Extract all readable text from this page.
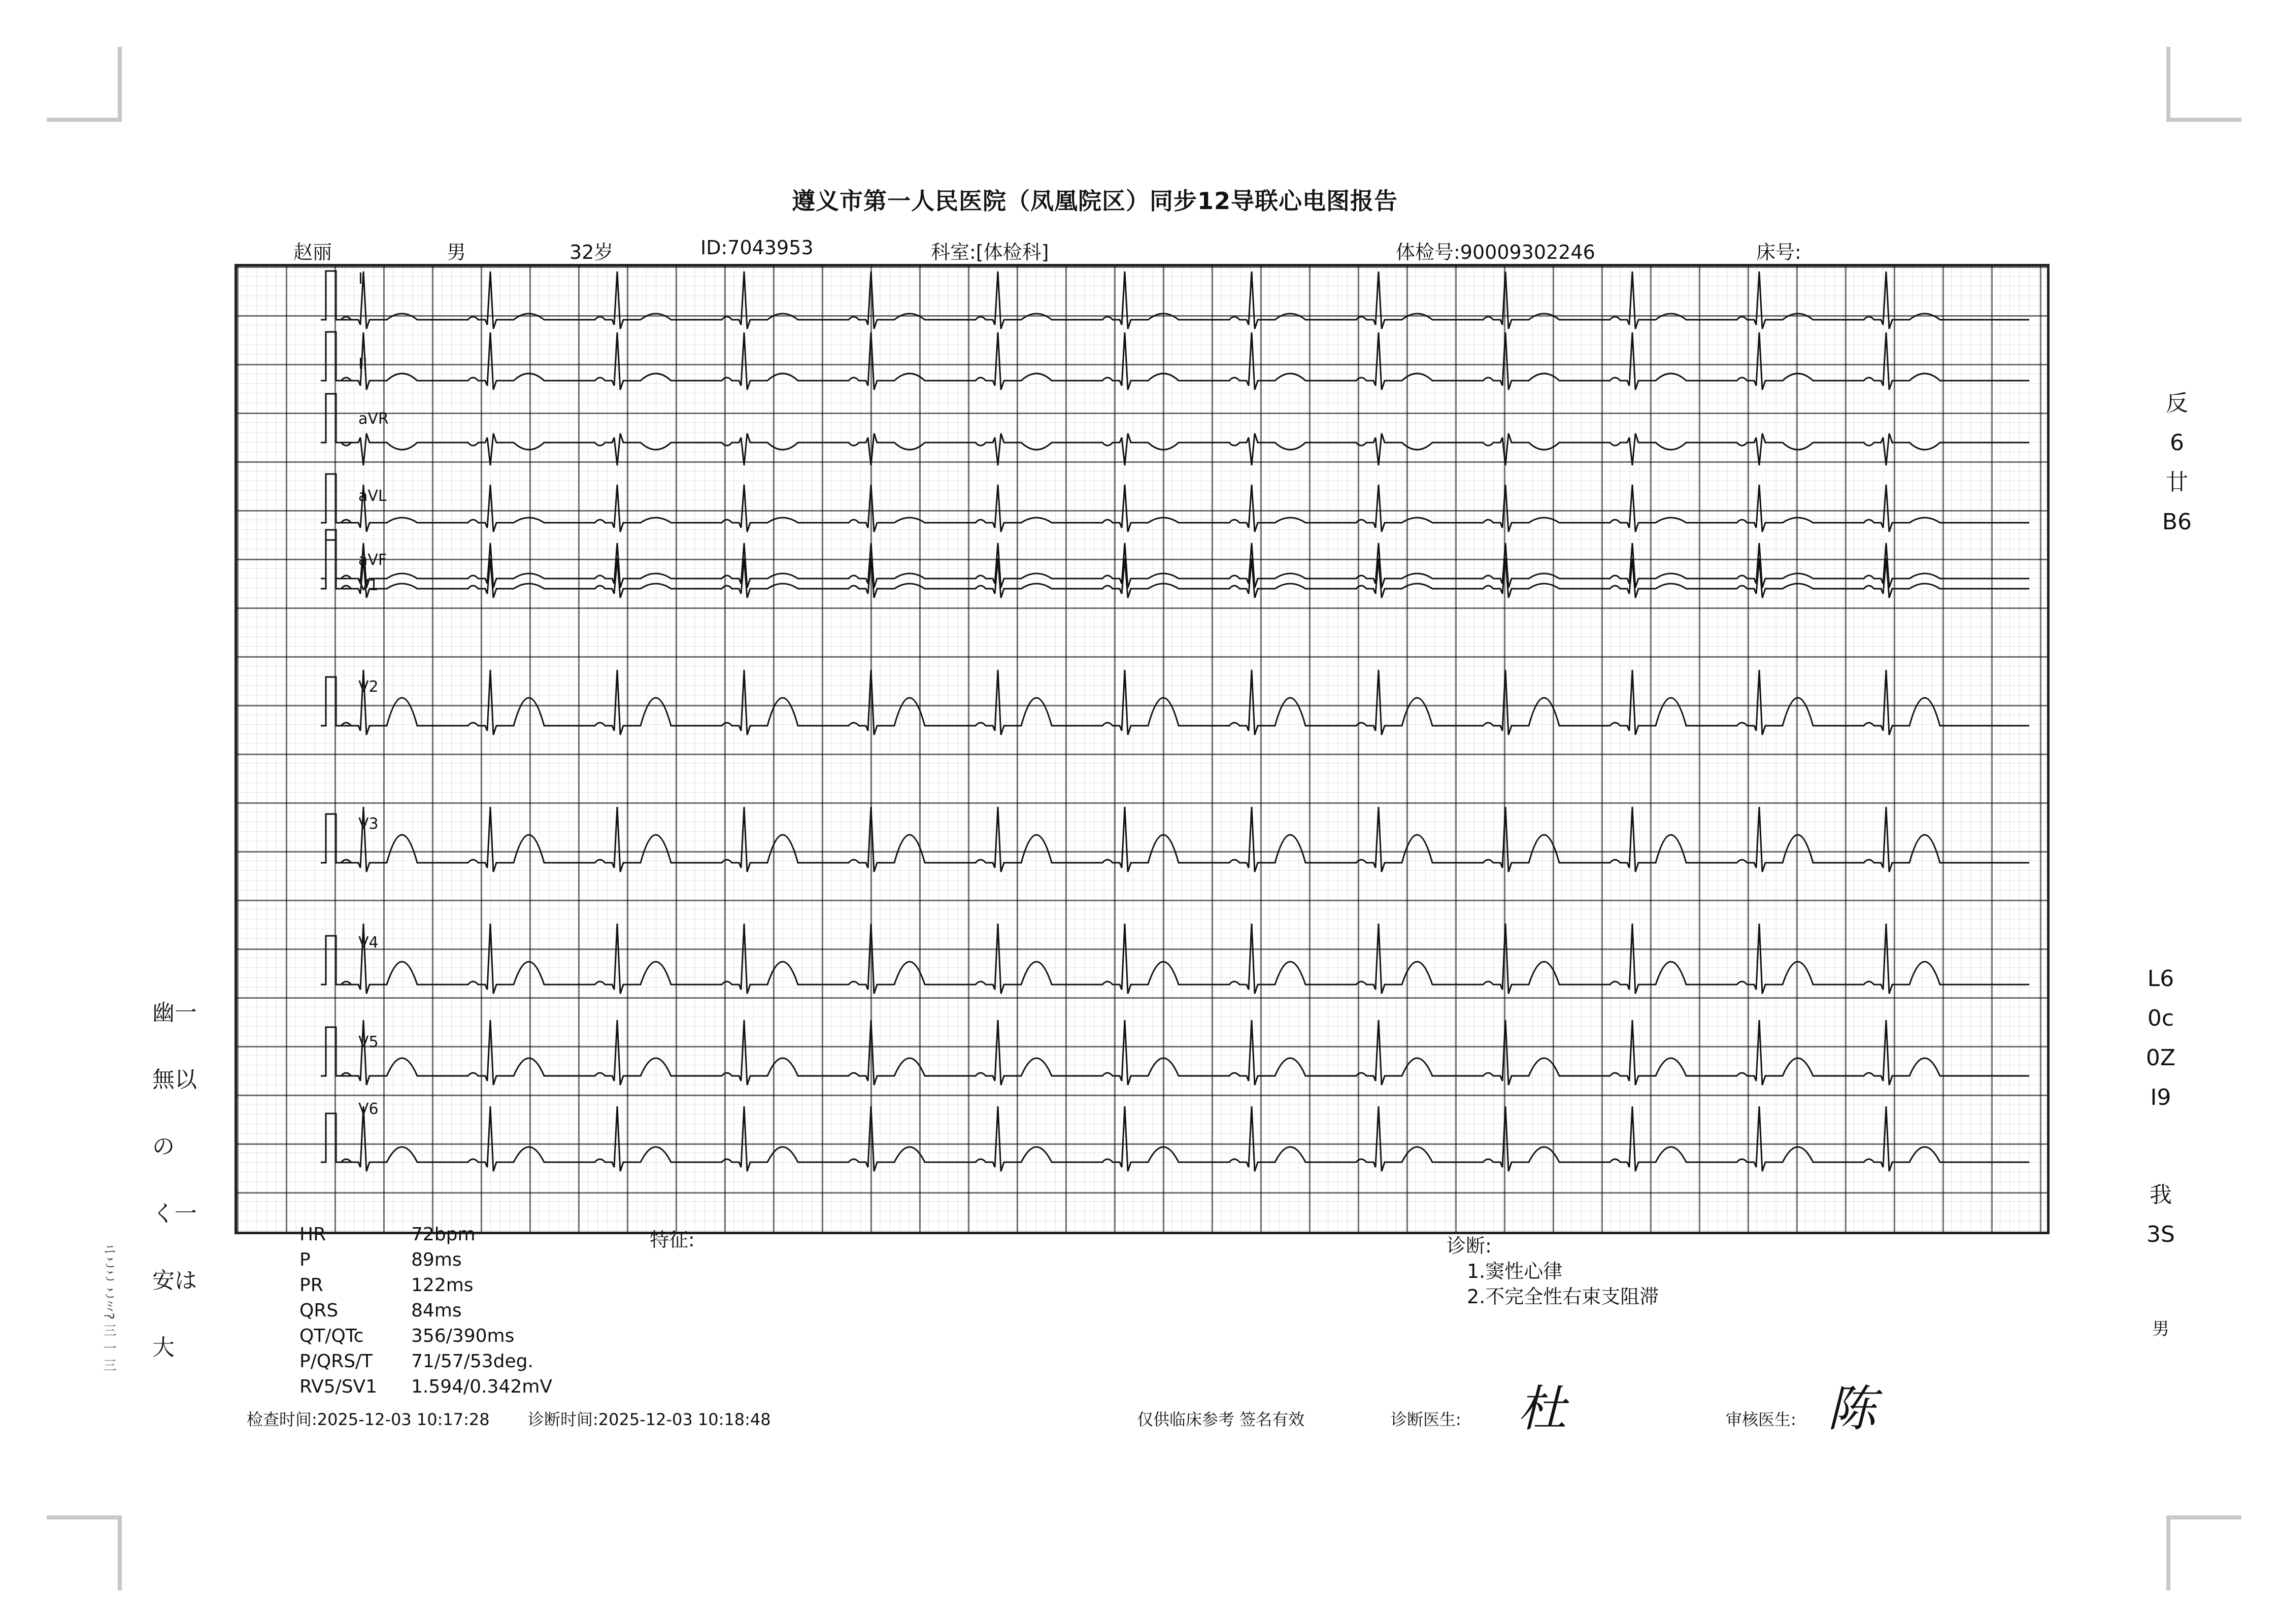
遵义市第一人民医院（凤凰院区）同步12导联心电图报告
赵丽	男	32岁	ID:7043953	科室:[体检科]	体检号:90009302246	床号:
I
II
aVR
aVL
aVF
V1
V2
V3
V4
V5
V6
HR	72bpm
P	89ms
PR	122ms
QRS	84ms
QT/QTc	356/390ms
P/QRS/T 71/57/53deg.
RV5/SV1 1.594/0.342mV
特征:	诊断:
1.窦性心律
2.不完全性右束支阻滞
检查时间:2025-12-03 10:17:28 诊断时间:2025-12-03 10:18:48	仅供临床参考 签名有效	诊断医生:	审核医生:
杜	陈
反
6
廿
B6
L6
0c
0Z
I9
我
3S
男
幽一
無以
の
く一
安は
大
ニここ こミ? 三 一 三
